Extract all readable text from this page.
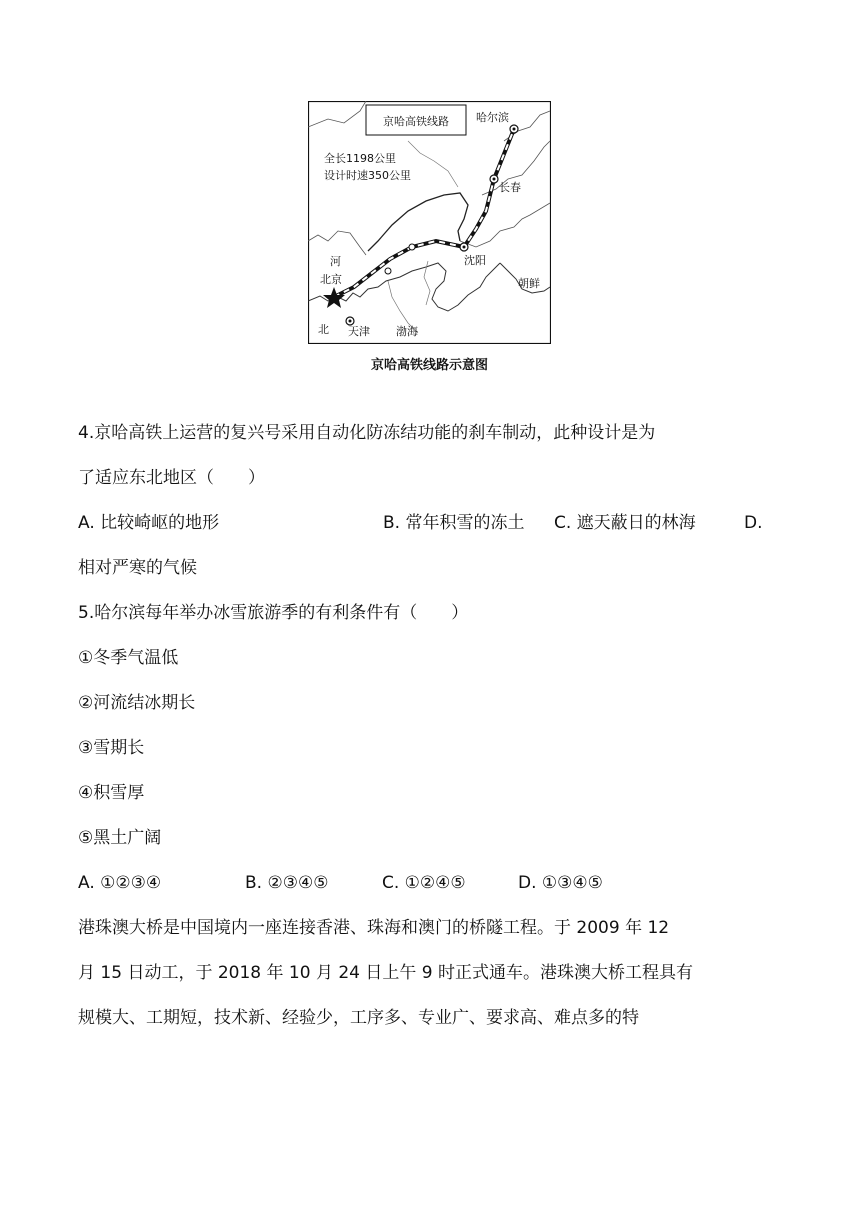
京哈高铁线路
全长1198公里
设计时速350公里
哈尔滨
长春
沈阳
北京
天津
河
北	渤海
朝鲜
京哈高铁线路示意图
4.京哈高铁上运营的复兴号采用自动化防冻结功能的刹车制动，此种设计是为
了适应东北地区（　　）
A. 比较崎岖的地形	B. 常年积雪的冻土 C. 遮天蔽日的林海	D.
相对严寒的气候
5.哈尔滨每年举办冰雪旅游季的有利条件有（　　）
①冬季气温低
②河流结冰期长
③雪期长
④积雪厚
⑤黑土广阔
A. ①②③④	B. ②③④⑤	C. ①②④⑤	D. ①③④⑤
港珠澳大桥是中国境内一座连接香港、珠海和澳门的桥隧工程。于 2009 年 12
月 15 日动工，于 2018 年 10 月 24 日上午 9 时正式通车。港珠澳大桥工程具有
规模大、工期短，技术新、经验少，工序多、专业广、要求高、难点多的特
